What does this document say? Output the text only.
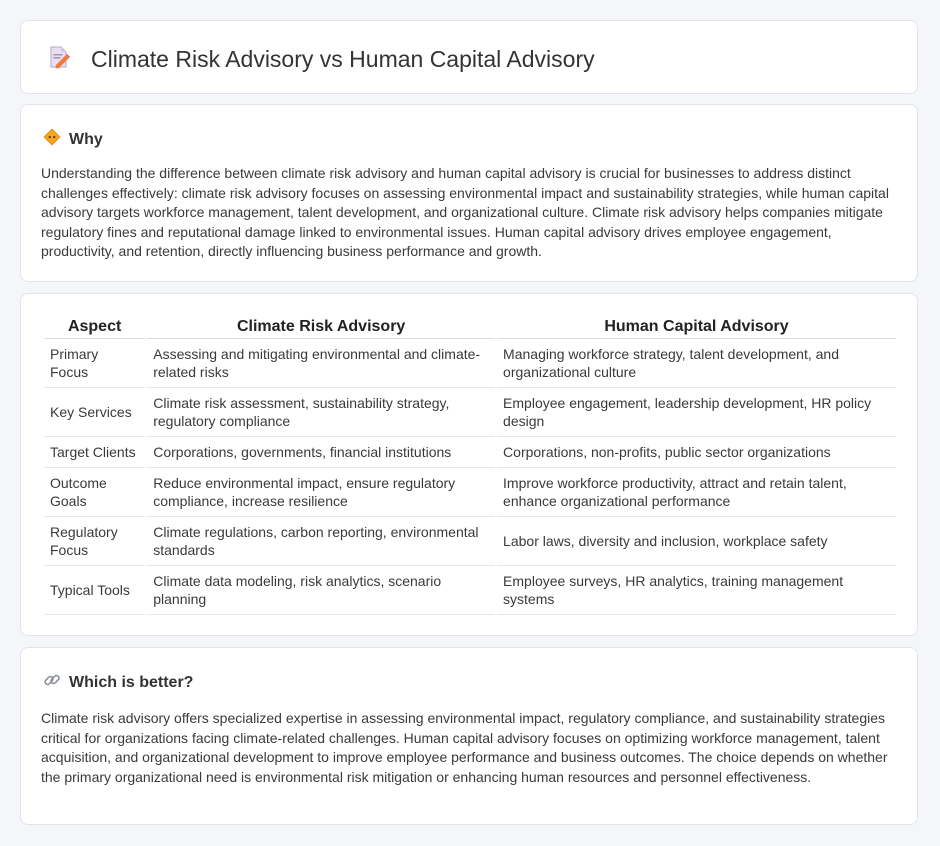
Climate Risk Advisory vs Human Capital Advisory
Why
Understanding the difference between climate risk advisory and human capital advisory is crucial for businesses to address distinct challenges effectively: climate risk advisory focuses on assessing environmental impact and sustainability strategies, while human capital advisory targets workforce management, talent development, and organizational culture. Climate risk advisory helps companies mitigate regulatory fines and reputational damage linked to environmental issues. Human capital advisory drives employee engagement, productivity, and retention, directly influencing business performance and growth.
Aspect	Climate Risk Advisory	Human Capital Advisory
Primary Focus	Assessing and mitigating environmental and climate-related risks	Managing workforce strategy, talent development, and organizational culture
Key Services	Climate risk assessment, sustainability strategy, regulatory compliance	Employee engagement, leadership development, HR policy design
Target Clients	Corporations, governments, financial institutions	Corporations, non-profits, public sector organizations
Outcome Goals	Reduce environmental impact, ensure regulatory compliance, increase resilience	Improve workforce productivity, attract and retain talent, enhance organizational performance
Regulatory Focus	Climate regulations, carbon reporting, environmental standards	Labor laws, diversity and inclusion, workplace safety
Typical Tools	Climate data modeling, risk analytics, scenario planning	Employee surveys, HR analytics, training management systems
Which is better?
Climate risk advisory offers specialized expertise in assessing environmental impact, regulatory compliance, and sustainability strategies critical for organizations facing climate-related challenges. Human capital advisory focuses on optimizing workforce management, talent acquisition, and organizational development to improve employee performance and business outcomes. The choice depends on whether the primary organizational need is environmental risk mitigation or enhancing human resources and personnel effectiveness.
